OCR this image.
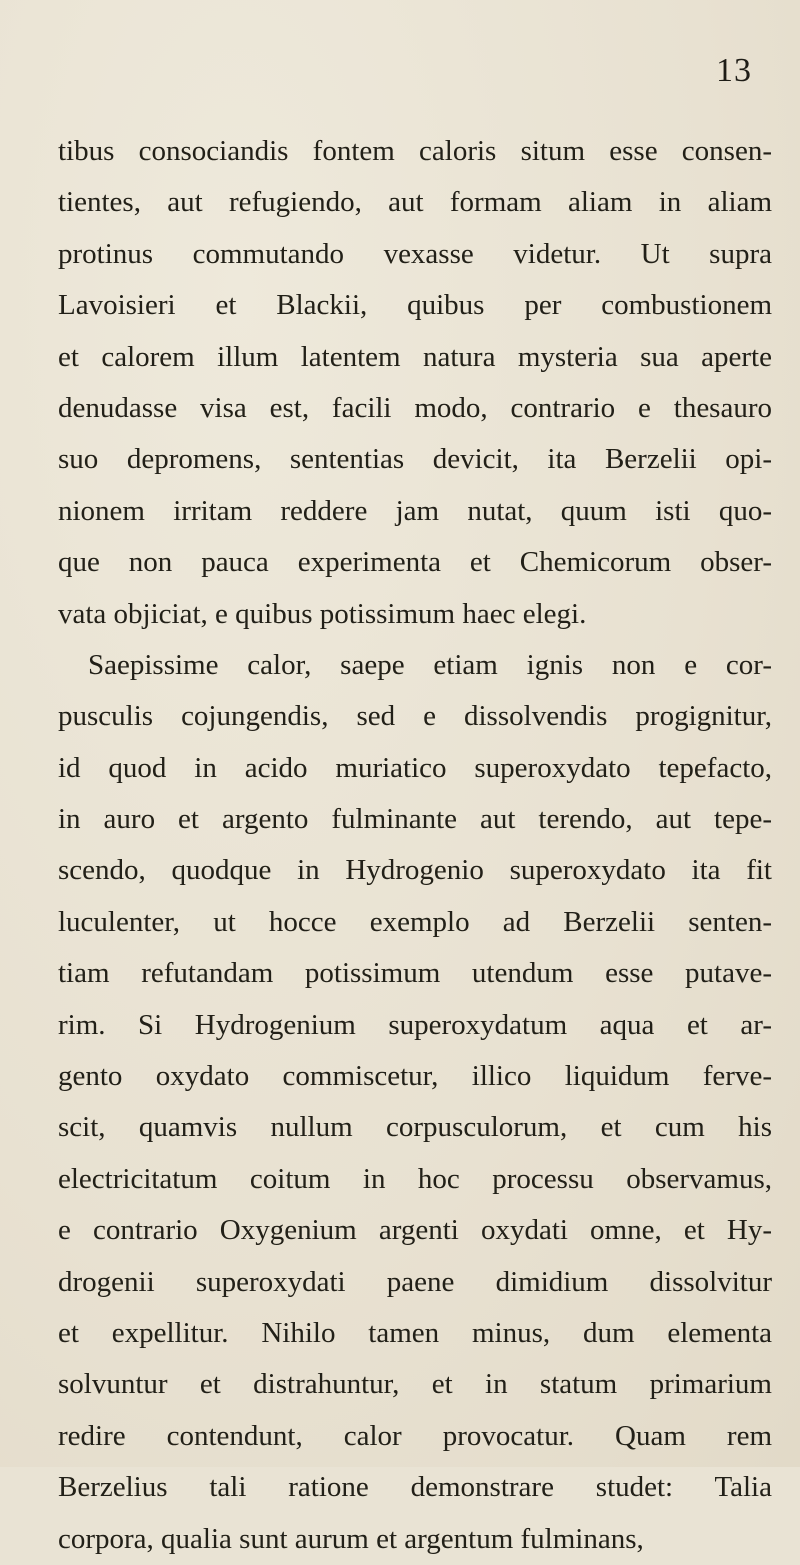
13
tibus consociandis fontem caloris situm esse consen-
tientes, aut refugiendo, aut formam aliam in aliam
protinus commutando vexasse videtur. Ut supra
Lavoisieri et Blackii, quibus per combustionem
et calorem illum latentem natura mysteria sua aperte
denudasse visa est, facili modo, contrario e thesauro
suo depromens, sententias devicit, ita Berzelii opi-
nionem irritam reddere jam nutat, quum isti quo-
que non pauca experimenta et Chemicorum obser-
vata objiciat, e quibus potissimum haec elegi.
Saepissime calor, saepe etiam ignis non e cor-
pusculis cojungendis, sed e dissolvendis progignitur,
id quod in acido muriatico superoxydato tepefacto,
in auro et argento fulminante aut terendo, aut tepe-
scendo, quodque in Hydrogenio superoxydato ita fit
luculenter, ut hocce exemplo ad Berzelii senten-
tiam refutandam potissimum utendum esse putave-
rim. Si Hydrogenium superoxydatum aqua et ar-
gento oxydato commiscetur, illico liquidum ferve-
scit, quamvis nullum corpusculorum, et cum his
electricitatum coitum in hoc processu observamus,
e contrario Oxygenium argenti oxydati omne, et Hy-
drogenii superoxydati paene dimidium dissolvitur
et expellitur. Nihilo tamen minus, dum elementa
solvuntur et distrahuntur, et in statum primarium
redire contendunt, calor provocatur. Quam rem
Berzelius tali ratione demonstrare studet: Talia
corpora, qualia sunt aurum et argentum fulminans,
